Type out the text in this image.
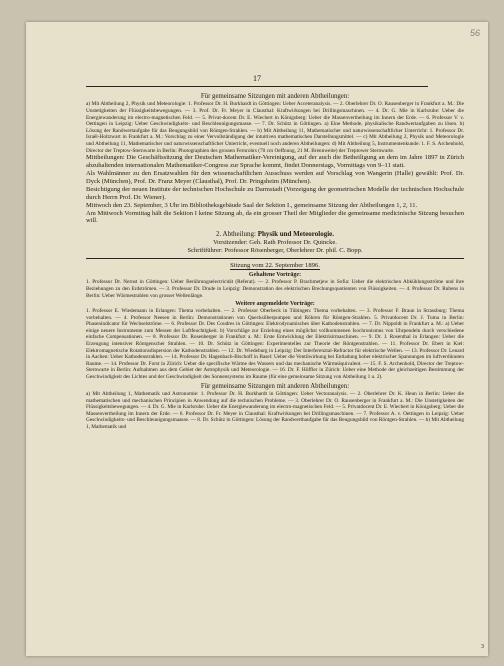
56
17

Für gemeinsame Sitzungen mit anderen Abtheilungen:

a) Mit Abtheilung 2, Physik und Meteorologie: 1. Professor Dr. H. Burkhardt in Göttingen: Ueber Acceteranalysis. — 2. Oberlehrer Dr. O. Rausenberger in Frankfurt a. M.: Die Unstetigkeiten der Flüssigkeitsbewegungen. — 3. Prof. Dr. Fr. Meyer in Clausthal: Kraftwirkungen bei Drillingsmaschinen. — 4. Dr. G. Mie in Karlsruhe: Ueber die Energiewanderung im electro-magnetischen Feld. — 5. Privat-docent Dr. E. Wiechert in Königsberg: Ueber die Massenvertheilung im Innern der Erde. — 6. Professor V. v. Oettingen in Leipzig: Ueber Geschwindigkeits- und Beschleunigungsmasse. — 7. Dr. Schütz in Göttingen. a) Eine Methode, physikalische Randwertaufgaben zu lösen. b) Lösung der Randwertaufgabe für das Beugungsbild von Röntgen-Strahlen. — b) Mit Abtheilung 11, Mathematischer und naturwissenschaftlicher Unterricht: 1. Professor Dr. Israël-Holtzwart in Frankfurt a. M.: Vorschlag zu einer Vervollständigung der intuitiven mathematischen Darstellungsmittel. — c) Mit Abtheilung 2, Physik und Meteorologie und Abtheilung 11, Mathematischer und naturwissenschaftlicher Unterricht, eventuell noch anderen Abtheilungen: d) Mit Abtheilung 5, Instrumentenkunde: 1. F. S. Archenhold, Director der Treptow-Sternwarte in Berlin: Photographien des grossen Fernrohrs (70 cm Oeffnung, 21 M. Brennweite) der Treptower Sternwarte.

Mittheilungen: Die Geschäftssitzung der Deutschen Mathematiker-Vereinigung, auf der auch die Betheiligung an dem im Jahre 1897 in Zürich abzuhaltenden internationalen Mathematiker-Congress zur Sprache kommt, findet Donnerstags, Vormittags von 9–11 statt.

Als Wahlmänner zu den Ersatzwahlen für den wissenschaftlichen Ausschuss werden auf Vorschlag von Wangerin (Halle) gewählt: Prof. Dr. Dyck (München), Prof. Dr. Franz Meyer (Clausthal), Prof. Dr. Pringsheim (München).

Besichtigung der neuen Institute der technischen Hochschule zu Darmstadt (Vorzeigung der geometrischen Modelle der technischen Hochschule durch Herrn Prof. Dr. Wiener).

Mittwoch den 23. September, 3 Uhr im Bibliotheksgebäude Saal der Sektion I., gemeinsame Sitzung der Abtheilungen 1, 2, 11.

Am Mittwoch Vormittag hält die Sektion I keine Sitzung ab, da ein grosser Theil der Mitglieder die gemeinsame medicinische Sitzung besuchen will.

2. Abtheilung: Physik und Meteorologie.

Vorsitzender: Geh. Rath Professor Dr. Quincke.

Schriftführer: Professor Rösenberger, Oberlehrer Dr. phil. C. Bopp.

Sitzung vom 22. September 1896.

Gehaltene Vorträge:

1. Professor Dr. Nernst in Göttingen: Ueber Berührungselectricität (Referat). — 2. Professor P. Brachmetjew in Sofia: Ueber die elektrischen Abkühlungsströme und ihre Beziehungen zu den Erdströmen. — 3. Professor Dr. Drude in Leipzig: Demonstration des elektrischen Brechungsquotienten von Flüssigkeiten. — 4. Professor Dr. Rubens in Berlin: Ueber Wärmestrahlen von grosser Wellenlänge.

Weitere angemeldete Vorträge:

1. Professor E. Wiedemann in Erlangen: Thema vorbehalten. — 2. Professor Oberbeck in Tübingen: Thema vorbehalten. — 3. Professor F. Braun in Strassburg: Thema vorbehalten. — 4. Professor Neesen in Berlin: Demonstrationen von Quecksilberpumpen und Röhren für Röntgen-Strahlen. 5. Privatdocent Dr. J. Tuma in Berlin: Phasenindicator für Wechselströme. — 6. Professor Dr. Des Coudres in Göttingen: Elektrodynamisches über Kathodenstrahlen. — 7. Dr. Nippoldt in Frankfurt a. M.: a) Ueber einige neuere Instrumente zum Messen der Luftfeuchtigkeit. b) Vorschläge zur Erzielung eines möglichst vollkommenen Isochronismus von Uhrpendeln durch verschiedene einfache Compensationen. — 8. Professor Dr. Rosenberger in Frankfurt a. M.: Erste Entwicklung der Elektrisirmaschinen. — 9. Dr. J. Rosenthal in Erlangen: Ueber die Erzeugung intensiver Röntgenscher Strahlen. — 10. Dr. Schütz in Göttingen: Experimentelles zur Theorie der Röntgenstrahlen. — 11. Professor Dr. Ebert in Kiel: Elektromagnetische Rotationsdispersion der Kathodenstrahlen. — 12. Dr. Wiedeburg in Leipzig: Der Interferenztal-Refractor für elektrische Wellen. — 13. Professor Dr. Lenard in Aachen: Ueber Kathodenstrahlen. — 14. Professor Dr. Hagenbach-Bischoff in Basel: Ueber die Ventilwirkung bei Entladung hoher elektrischer Spannungen im luftverdünnten Raume. — 14. Professor Dr. Forst in Zürich: Ueber die specifische Wärme des Wassers und das mechanische Wärmeäquivalent. — 15. F. S. Archenhold, Director der Treptow-Sternwarte in Berlin: Aufnahmen aus dem Gebiet der Astrophysik und Meteorologie. — 16. Dr. F. Höffler in Zürich: Ueber eine Methode der gleichzeitigen Bestimmung der Geschwindigkeit des Lichtes und der Geschwindigkeit des Sonnensystems im Raume (für eine gemeinsame Sitzung von Abtheilung 1 u. 2).

Für gemeinsame Sitzungen mit anderen Abtheilungen:

a) Mit Abtheilung 1, Mathematik und Astronomie: 1. Professor Dr. H. Burkhardt in Göttingen: Ueber Vectoranalysis. — 2. Oberlehrer Dr. K. Heun in Berlin: Ueber die mathematischen und mechanischen Principien in Anwendung auf die technischen Probleme. — 3. Oberlehrer Dr. O. Rausenberger in Frankfurt a. M.: Die Unstetigkeiten der Flüssigkeitsbewegungen. — 4. Dr. G. Mie in Karlsruhe: Ueber die Energiewanderung im electro-magnetischen Feld. — 5. Privatdocent Dr. E. Wiechert in Königsberg: Ueber die Massenvertheilung im Innern der Erde. — 6. Professor Dr. Fr. Meyer in Clausthal: Kraftwirkungen bei Drillingsmaschinen. — 7. Professor A. v. Oettingen in Leipzig: Ueber Geschwindigkeits- und Beschleunigungsmaasse. — 8. Dr. Schütz in Göttingen: Lösung der Randwerthaufgabe für das Beugungsbild von Röntgen-Strahlen. — b) Mit Abtheilung 1, Mathematik und

3
